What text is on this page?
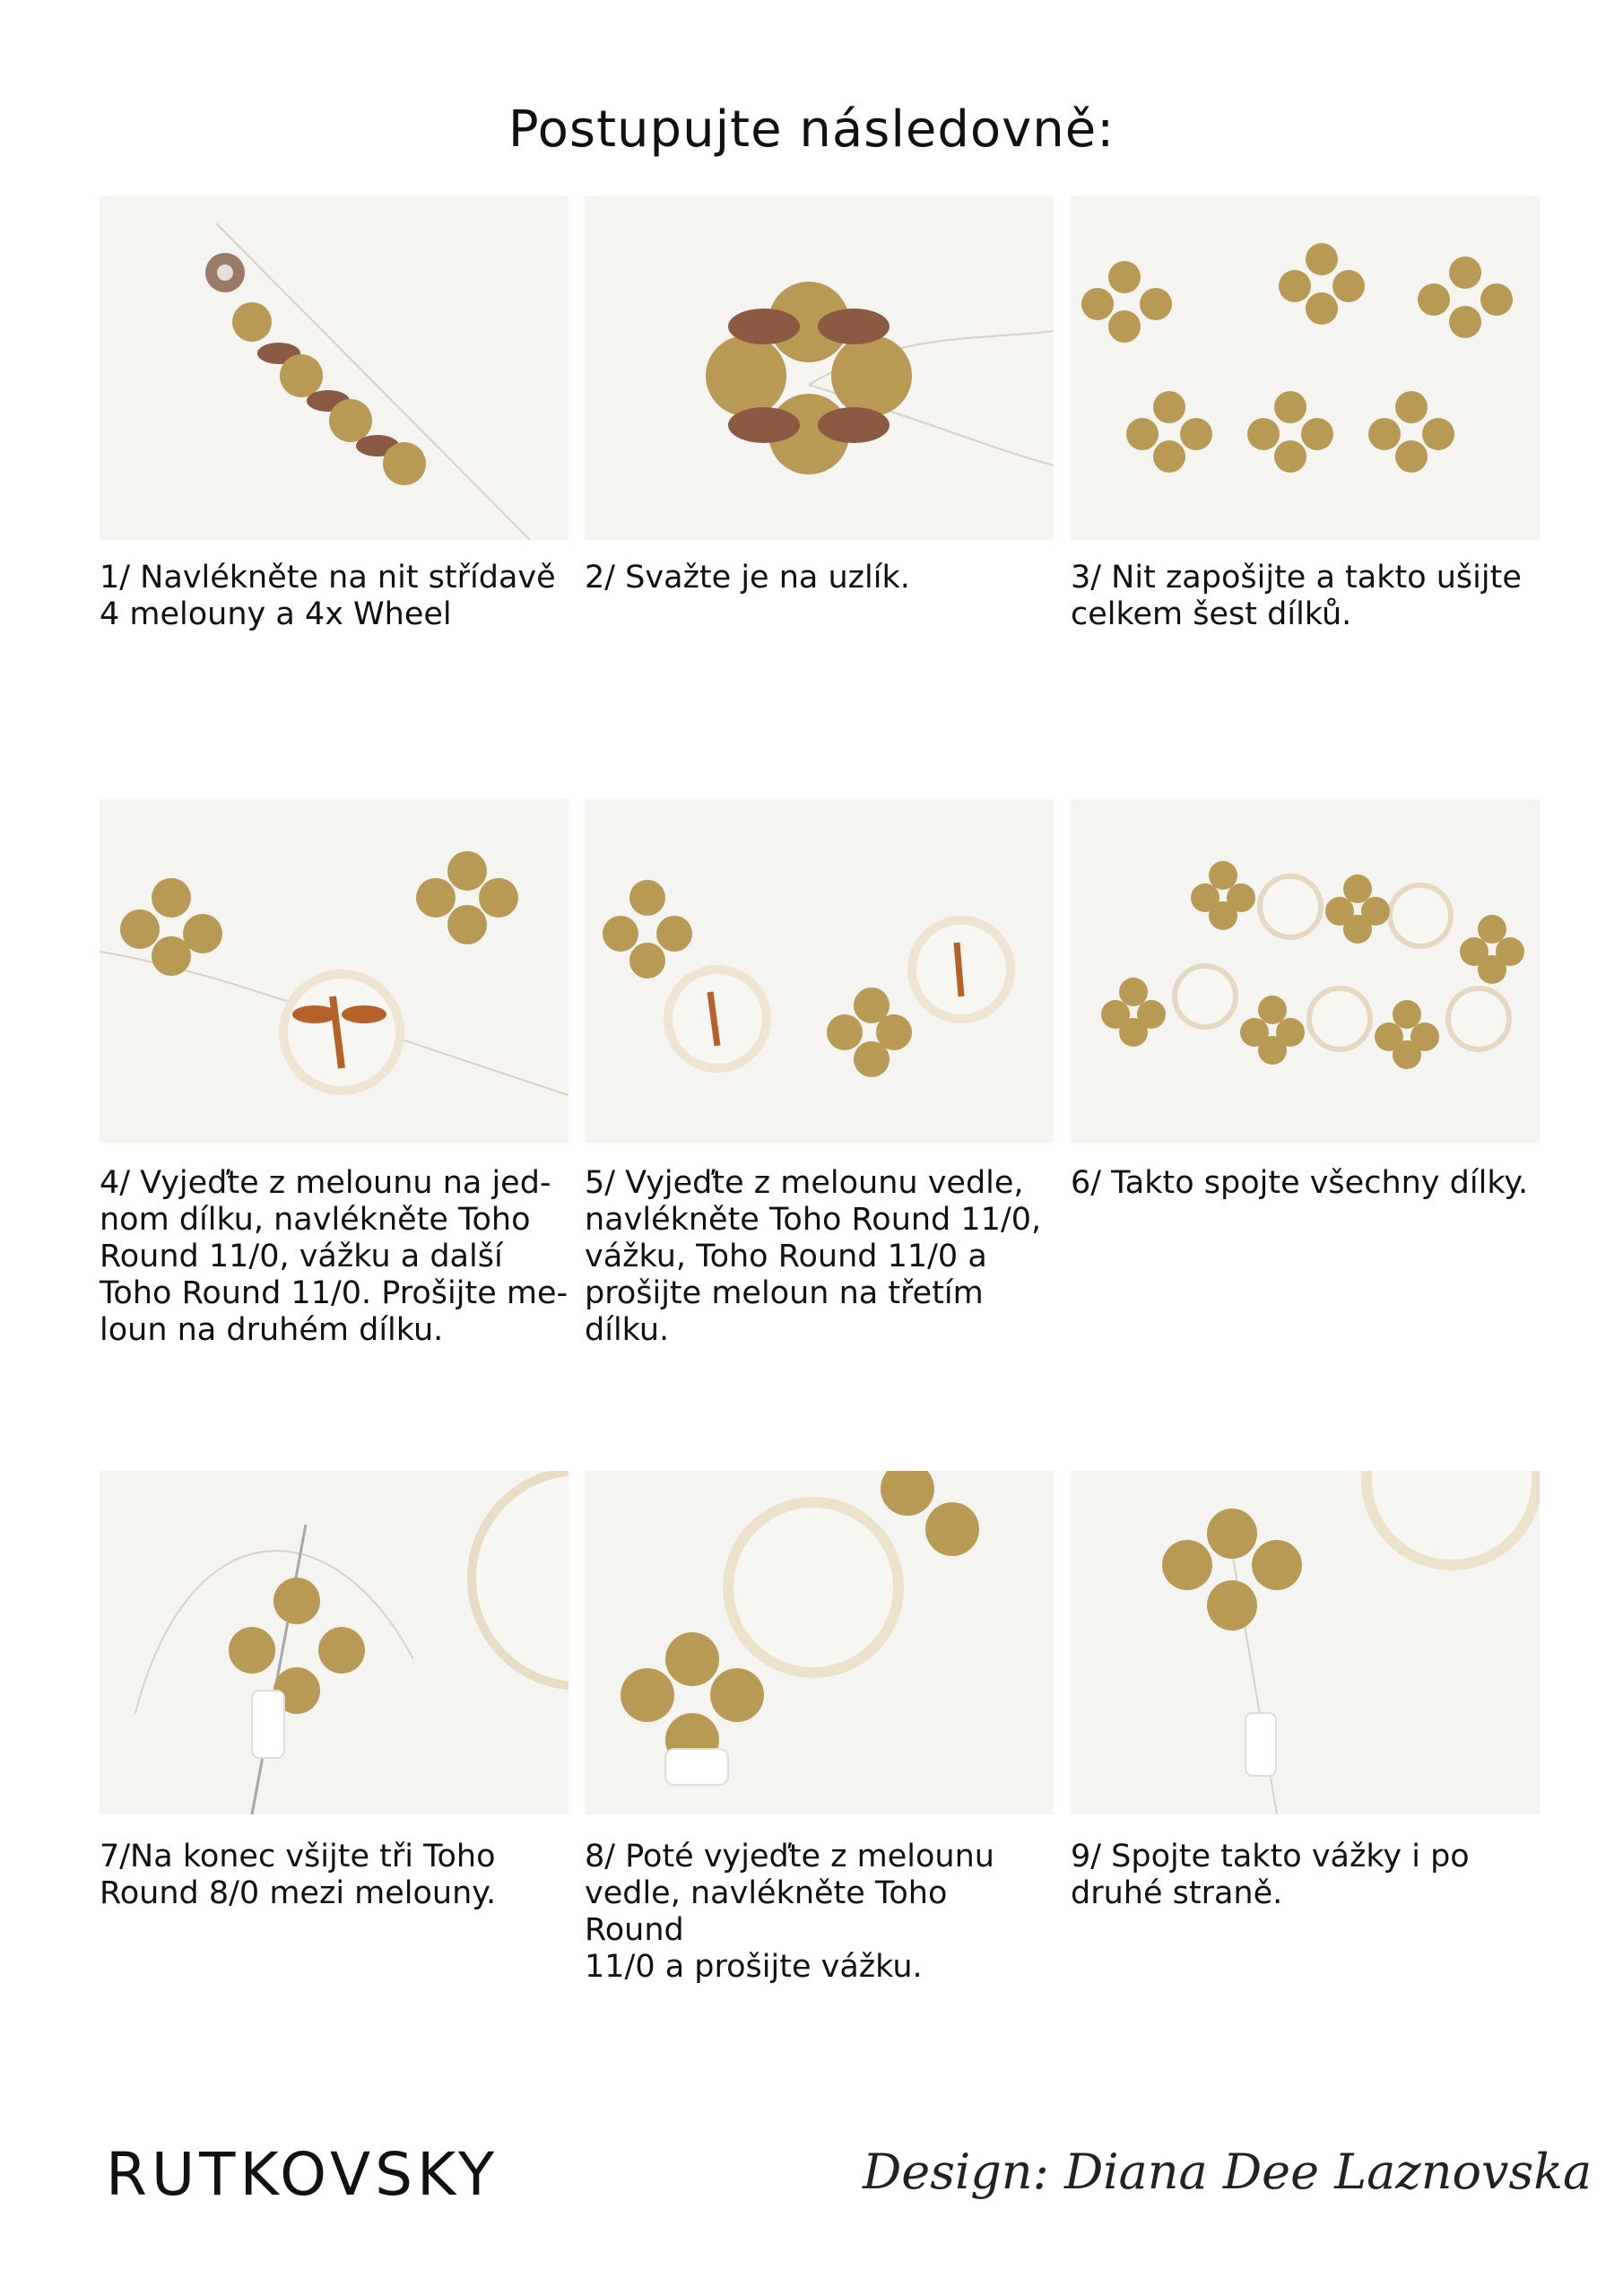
Postupujte následovně:
1/ Navlékněte na nit střídavě
4 melouny a 4x Wheel
2/ Svažte je na uzlík.	3/ Nit zapošijte a takto ušijte
celkem šest dílků.
4/ Vyjeďte z melounu na jed-
nom dílku, navlékněte Toho
Round 11/0, vážku a další
Toho Round 11/0. Prošijte me-
loun na druhém dílku.
5/ Vyjeďte z melounu vedle,
navlékněte Toho Round 11/0,
vážku, Toho Round 11/0 a
prošijte meloun na třetím
dílku.
6/ Takto spojte všechny dílky.
7/Na konec všijte tři Toho
Round 8/0 mezi melouny.
8/ Poté vyjeďte z melounu
vedle, navlékněte Toho Round
11/0 a prošijte vážku.
9/ Spojte takto vážky i po
druhé straně.
RUTKOVSKY	Design: Diana Dee Laznovska
